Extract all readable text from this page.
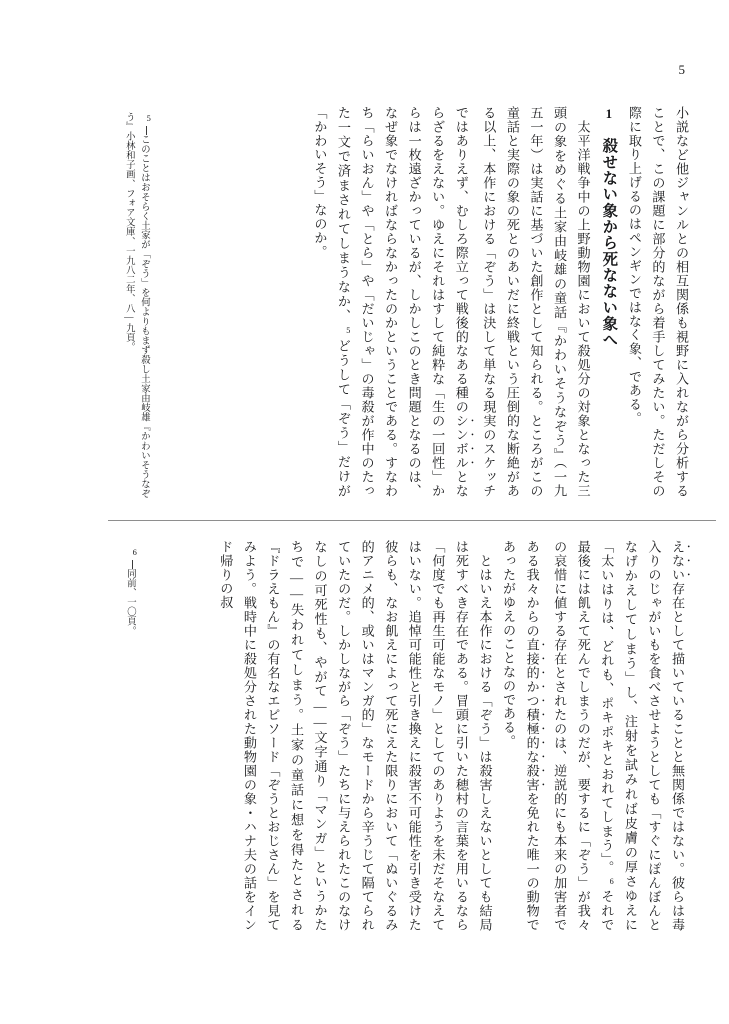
5
小説など他ジャンルとの相互関係も視野に入れながら分析することで、この課題に部分的ながら着手してみたい。ただしその際に取り上げるのはペンギンではなく象、である。
1 殺せない象から死なない象へ
　太平洋戦争中の上野動物園において殺処分の対象となった三頭の象をめぐる土家由岐雄の童話『かわいそうなぞう』（一九五一年）は実話に基づいた創作として知られる。ところがこの童話と実際の象の死とのあいだに終戦という圧倒的な断絶がある以上、本作における「ぞう」は決して単なる現実のスケッチではありえず、むしろ際立って戦後的なある種のシンボルとならざるをえない。ゆえにそれはすして純粋な「生の一回性」からは一枚遠ざかっているが、しかしこのとき問題となるのは、なぜ象でなければならなかったのかということである。すなわち「らいおん」や「とら」や「だいじゃ」の毒殺が作中のたった一文で済まされてしまうなか、5どうして「ぞう」だけが「かわいそう」なのか。
5このことはおそらく土家が「ぞう」を何よりもまず殺し土家由岐雄『かわいそうなぞう』小林和子画、フォア文庫、一九八二年、八―九頁。
えない存在として描いていることと無関係ではない。彼らは毒入りのじゃがいもを食べさせようとしても「すぐにぽんぼんとなげかえしてしまう」し、注射を試みれば皮膚の厚さゆえに「太いはりは、どれも、ポキポキとおれてしまう」。6それで最後には飢えて死んでしまうのだが、要するに「ぞう」が我々の哀惜に値する存在とされたのは、逆説的にも本来の加害者である我々からの直接的かつ積極的な殺害を免れた唯一の動物であったがゆえのことなのである。
　とはいえ本作における「ぞう」は殺害しえないとしても結局は死すべき存在である。冒頭に引いた穂村の言葉を用いるなら「何度でも再生可能なモノ」としてのありようを未だそなえてはいない。追悼可能性と引き換えに殺害不可能性を引き受けた彼らも、なお飢えによって死にえた限りにおいて「ぬいぐるみ的アニメ的、或いはマンガ的」なモードから辛うじて隔てられていたのだ。しかしながら「ぞう」たちに与えられたこのなけなしの可死性も、やがて――文字通り「マンガ」というかたちで――失われてしまう。土家の童話に想を得たとされる『ドラえもん』の有名なエピソード「ぞうとおじさん」を見てみよう。戦時中に殺処分された動物園の象・ハナ夫の話をインド帰りの叔
6同前、一〇頁。
